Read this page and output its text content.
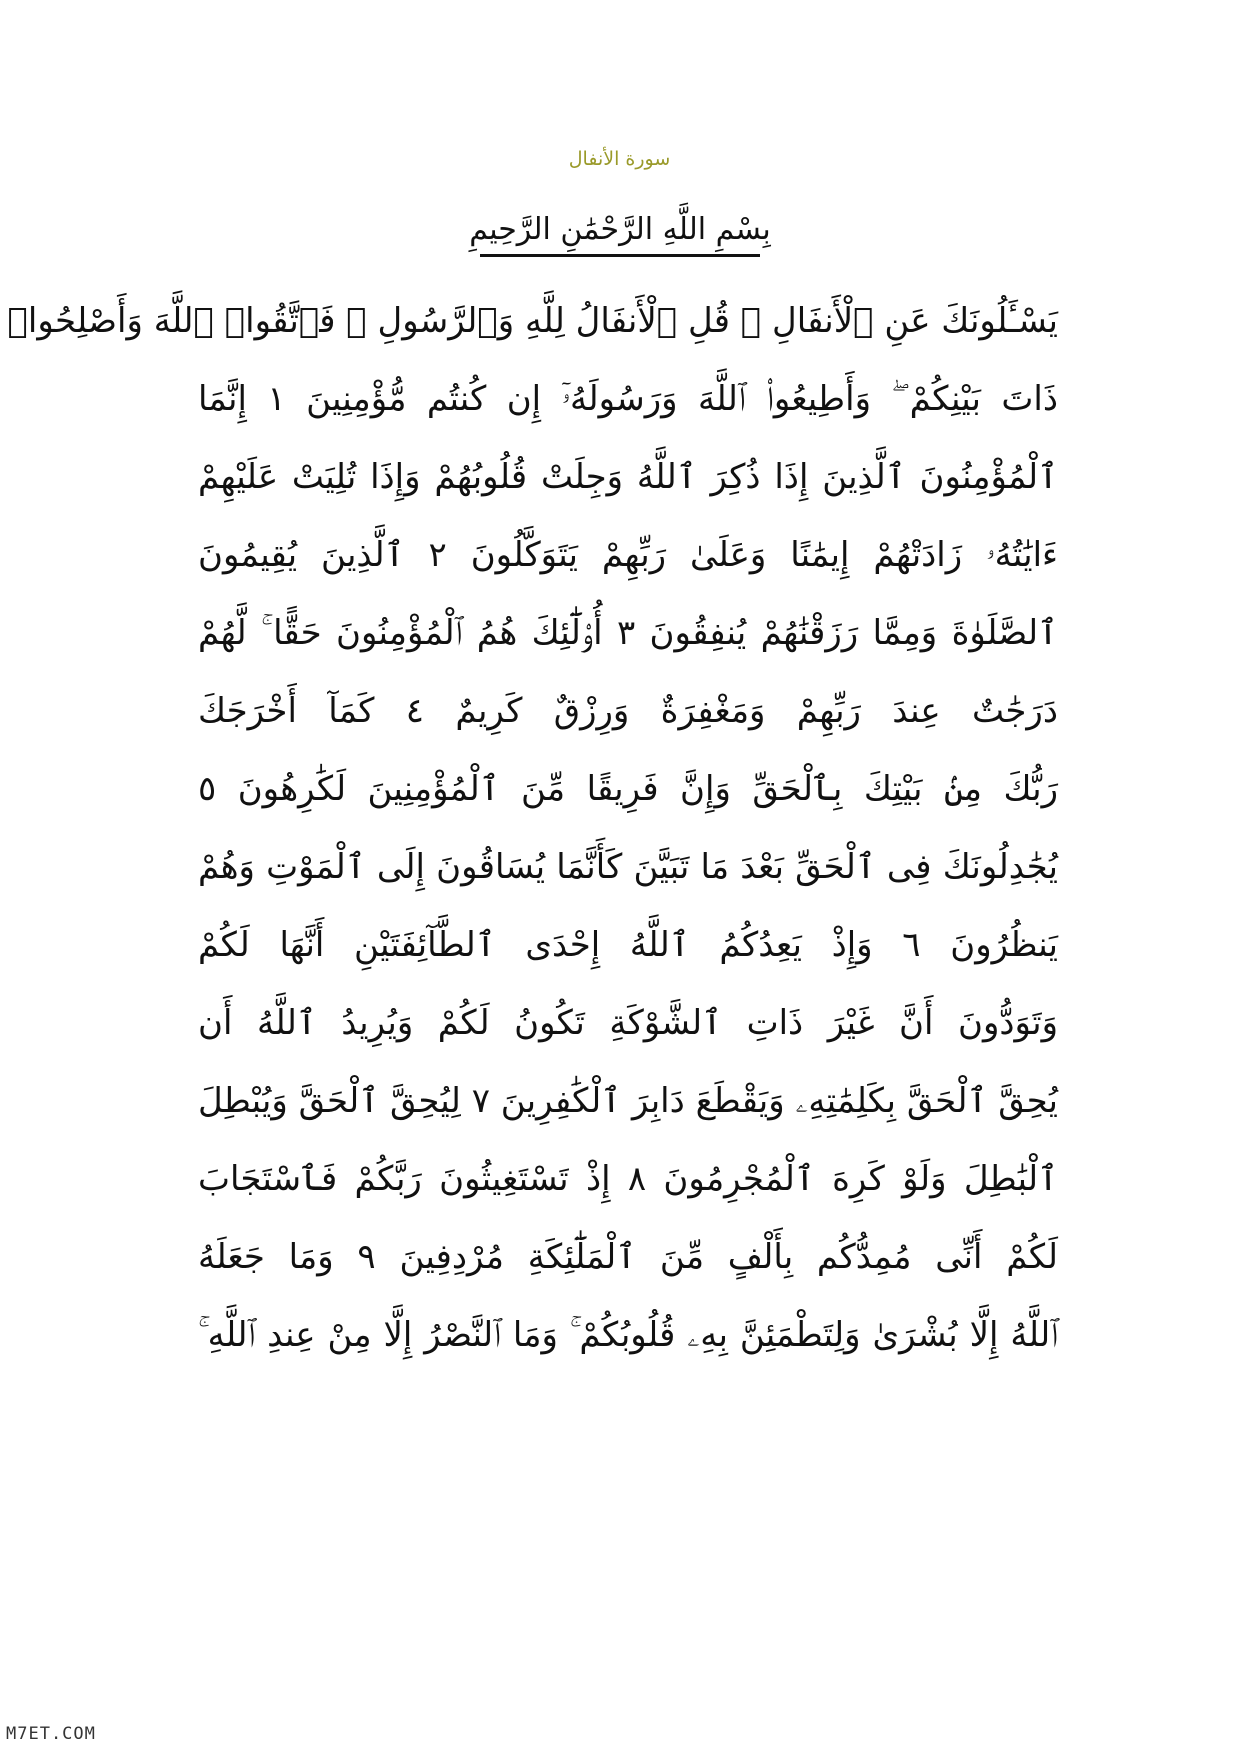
سورة الأنفال
بِسْمِ اللَّهِ الرَّحْمَٰنِ الرَّحِيمِ
يَسْـَٔلُونَكَ عَنِ ٱلْأَنفَالِ ۖ قُلِ ٱلْأَنفَالُ لِلَّهِ وَٱلرَّسُولِ ۖ فَٱتَّقُوا۟ ٱللَّهَ وَأَصْلِحُوا۟
ذَاتَ بَيْنِكُمْ ۖ وَأَطِيعُوا۟ ٱللَّهَ وَرَسُولَهُۥٓ إِن كُنتُم مُّؤْمِنِينَ ١ إِنَّمَا
ٱلْمُؤْمِنُونَ ٱلَّذِينَ إِذَا ذُكِرَ ٱللَّهُ وَجِلَتْ قُلُوبُهُمْ وَإِذَا تُلِيَتْ عَلَيْهِمْ
ءَايَٰتُهُۥ زَادَتْهُمْ إِيمَٰنًا وَعَلَىٰ رَبِّهِمْ يَتَوَكَّلُونَ ٢ ٱلَّذِينَ يُقِيمُونَ
ٱلصَّلَوٰةَ وَمِمَّا رَزَقْنَٰهُمْ يُنفِقُونَ ٣ أُو۟لَٰٓئِكَ هُمُ ٱلْمُؤْمِنُونَ حَقًّا ۚ لَّهُمْ
دَرَجَٰتٌ عِندَ رَبِّهِمْ وَمَغْفِرَةٌ وَرِزْقٌ كَرِيمٌ ٤ كَمَآ أَخْرَجَكَ
رَبُّكَ مِنۢ بَيْتِكَ بِٱلْحَقِّ وَإِنَّ فَرِيقًا مِّنَ ٱلْمُؤْمِنِينَ لَكَٰرِهُونَ ٥
يُجَٰدِلُونَكَ فِى ٱلْحَقِّ بَعْدَ مَا تَبَيَّنَ كَأَنَّمَا يُسَاقُونَ إِلَى ٱلْمَوْتِ وَهُمْ
يَنظُرُونَ ٦ وَإِذْ يَعِدُكُمُ ٱللَّهُ إِحْدَى ٱلطَّآئِفَتَيْنِ أَنَّهَا لَكُمْ
وَتَوَدُّونَ أَنَّ غَيْرَ ذَاتِ ٱلشَّوْكَةِ تَكُونُ لَكُمْ وَيُرِيدُ ٱللَّهُ أَن
يُحِقَّ ٱلْحَقَّ بِكَلِمَٰتِهِۦ وَيَقْطَعَ دَابِرَ ٱلْكَٰفِرِينَ ٧ لِيُحِقَّ ٱلْحَقَّ وَيُبْطِلَ
ٱلْبَٰطِلَ وَلَوْ كَرِهَ ٱلْمُجْرِمُونَ ٨ إِذْ تَسْتَغِيثُونَ رَبَّكُمْ فَٱسْتَجَابَ
لَكُمْ أَنِّى مُمِدُّكُم بِأَلْفٍ مِّنَ ٱلْمَلَٰٓئِكَةِ مُرْدِفِينَ ٩ وَمَا جَعَلَهُ
ٱللَّهُ إِلَّا بُشْرَىٰ وَلِتَطْمَئِنَّ بِهِۦ قُلُوبُكُمْ ۚ وَمَا ٱلنَّصْرُ إِلَّا مِنْ عِندِ ٱللَّهِ ۚ
M7ET.COM
